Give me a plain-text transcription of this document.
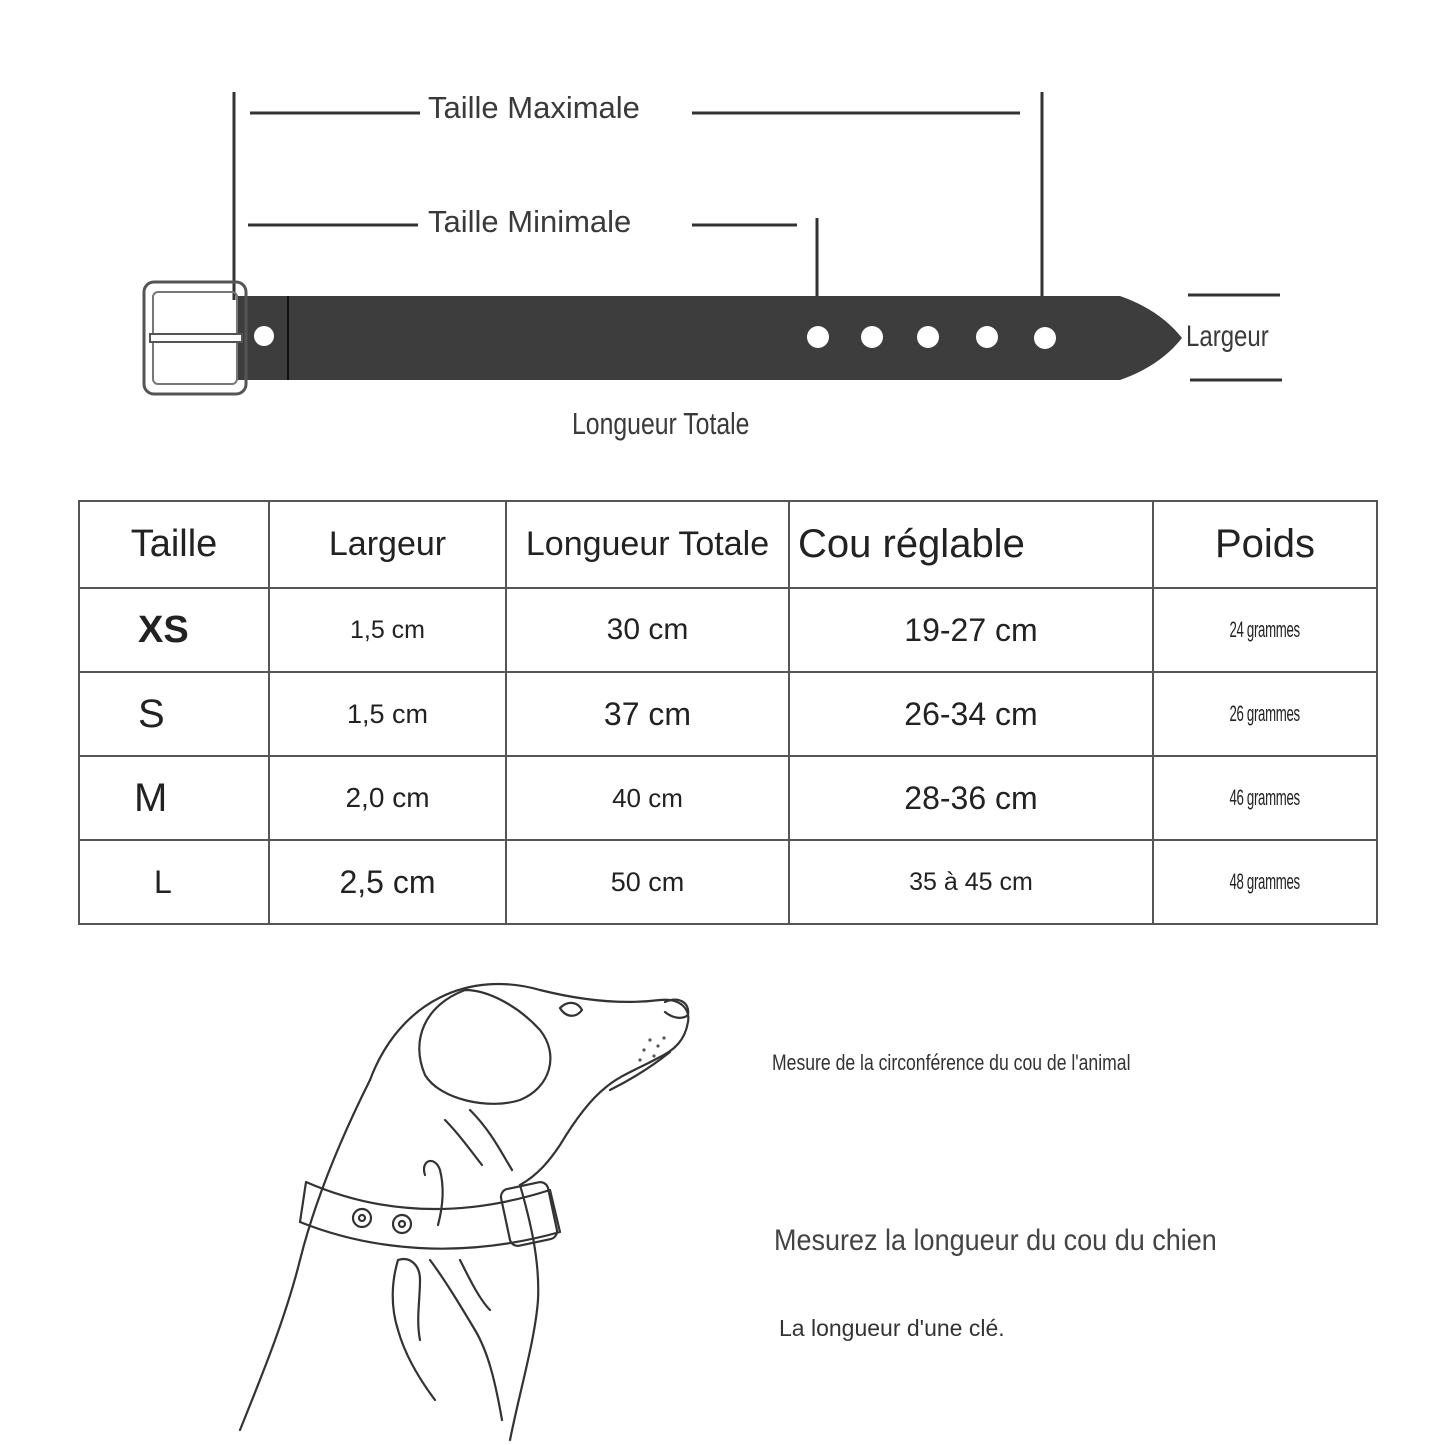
Taille Maximale
Taille Minimale
Largeur
Longueur Totale
Taille	Largeur	Longueur Totale	Cou réglable	Poids
XS	1,5 cm	30 cm	19-27 cm	24 grammes
S	1,5 cm	37 cm	26-34 cm	26 grammes
M	2,0 cm	40 cm	28-36 cm	46 grammes
L	2,5 cm	50 cm	35 à 45 cm	48 grammes
Mesure de la circonférence du cou de l'animal
Mesurez la longueur du cou du chien
La longueur d'une clé.
